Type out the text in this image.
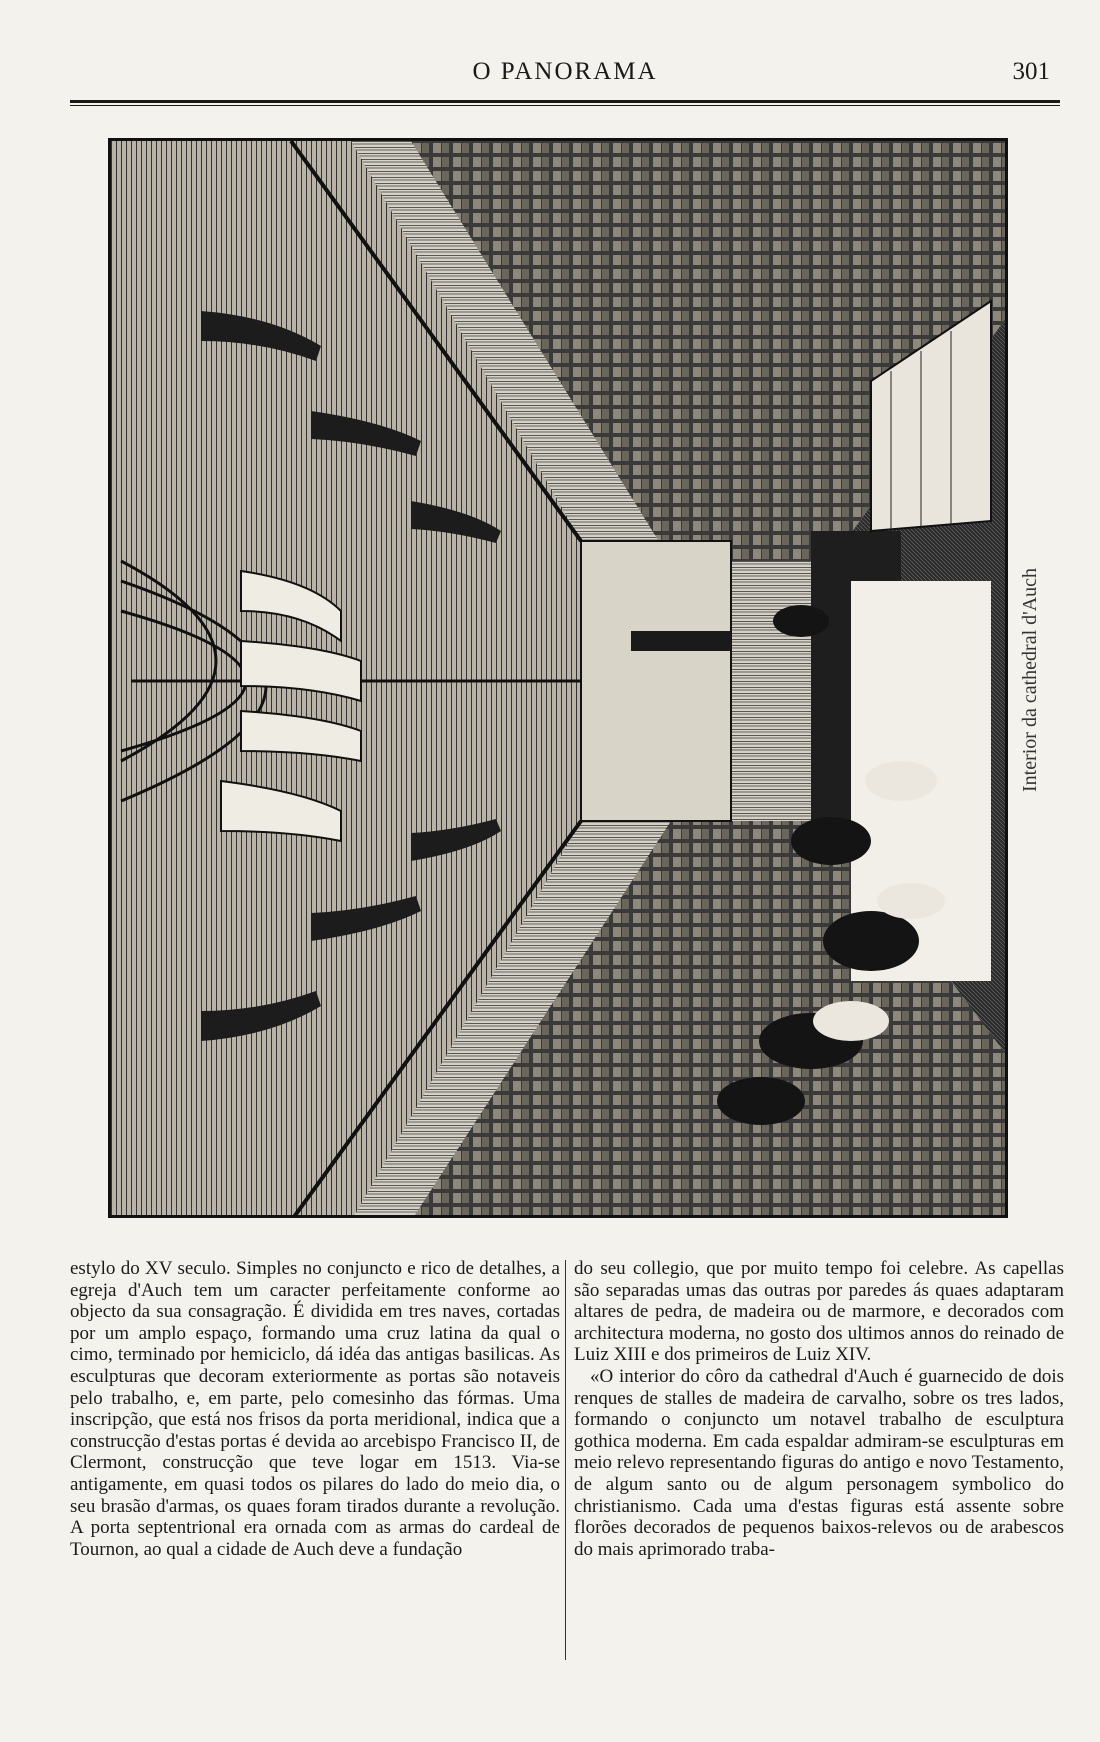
O PANORAMA	301
Interior da cathedral d'Auch

estylo do XV seculo. Simples no conjuncto e rico de detalhes, a egreja d'Auch tem um caracter perfeitamente conforme ao objecto da sua consagração. É dividida em tres naves, cortadas por um amplo espaço, formando uma cruz latina da qual o cimo, terminado por hemiciclo, dá idéa das antigas basilicas. As esculpturas que decoram exteriormente as portas são notaveis pelo trabalho, e, em parte, pelo comesinho das fórmas. Uma inscripção, que está nos frisos da porta meridional, indica que a construcção d'estas portas é devida ao arcebispo Francisco II, de Clermont, construcção que teve logar em 1513. Via-se antigamente, em quasi todos os pilares do lado do meio dia, o seu brasão d'armas, os quaes foram tirados durante a revolução. A porta septentrional era ornada com as armas do cardeal de Tournon, ao qual a cidade de Auch deve a fundação

do seu collegio, que por muito tempo foi celebre. As capellas são separadas umas das outras por paredes ás quaes adaptaram altares de pedra, de madeira ou de marmore, e decorados com architectura moderna, no gosto dos ultimos annos do reinado de Luiz XIII e dos primeiros de Luiz XIV.

«O interior do côro da cathedral d'Auch é guarnecido de dois renques de stalles de madeira de carvalho, sobre os tres lados, formando o conjuncto um notavel trabalho de esculptura gothica moderna. Em cada espaldar admiram-se esculpturas em meio relevo representando figuras do antigo e novo Testamento, de algum santo ou de algum personagem symbolico do christianismo. Cada uma d'estas figuras está assente sobre florões decorados de pequenos baixos-relevos ou de arabescos do mais aprimorado traba-
